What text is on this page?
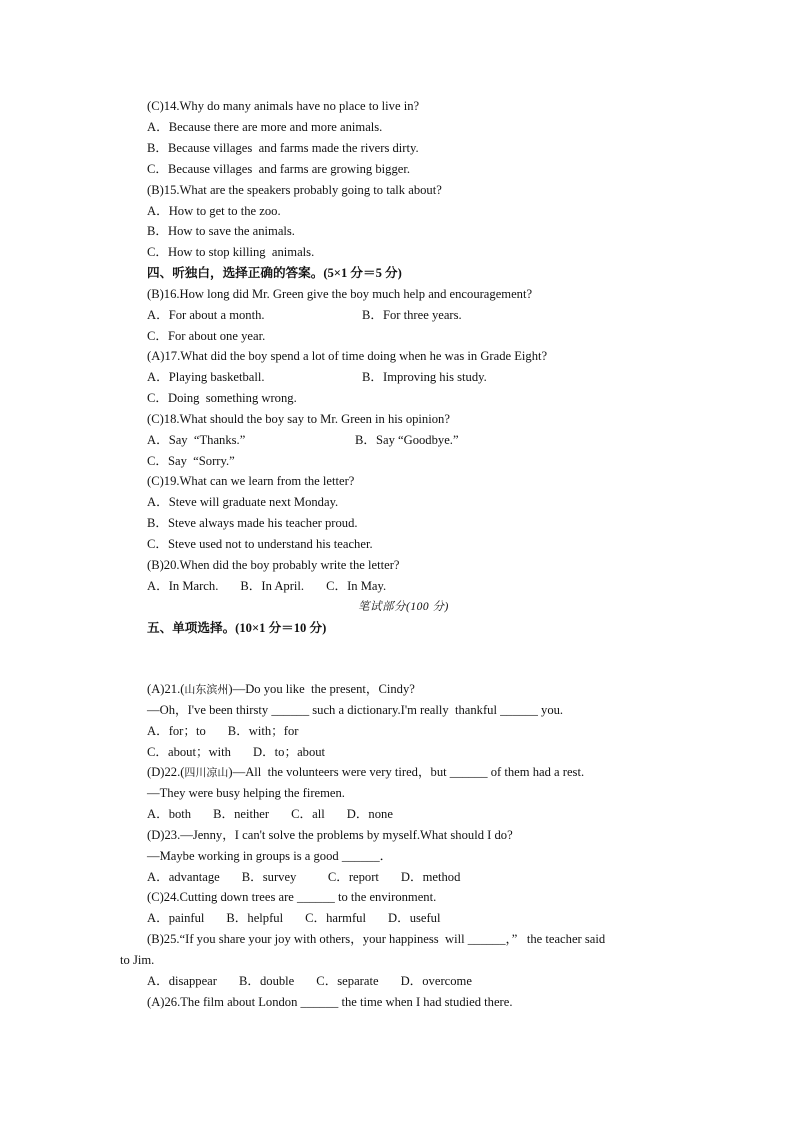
(C)14.Why do many animals have no place to live in?
A．Because there are more and more animals.
B．Because villages  and farms made the rivers dirty.
C．Because villages  and farms are growing bigger.
(B)15.What are the speakers probably going to talk about?
A．How to get to the zoo.
B．How to save the animals.
C．How to stop killing  animals.
四、听独白，选择正确的答案。(5×1 分＝5 分)
(B)16.How long did Mr. Green give the boy much help and encouragement?
A．For about a month.	B．For three years.
C．For about one year.
(A)17.What did the boy spend a lot of time doing when he was in Grade Eight?
A．Playing basketball.	B．Improving his study.
C．Doing  something wrong.
(C)18.What should the boy say to Mr. Green in his opinion?
A．Say  “Thanks.”	B．Say “Goodbye.”
C．Say  “Sorry.”
(C)19.What can we learn from the letter?
A．Steve will graduate next Monday.
B．Steve always made his teacher proud.
C．Steve used not to understand his teacher.
(B)20.When did the boy probably write the letter?
A．In March.       B．In April.       C．In May.
笔试部分(100 分)
五、单项选择。(10×1 分＝10 分)
(A)21.(山东滨州)—Do you like  the present，Cindy?
—Oh，I've been thirsty ______ such a dictionary.I'm really  thankful ______ you.
A．for；to       B．with；for
C．about；with       D．to；about
(D)22.(四川凉山)—All  the volunteers were very tired，but ______ of them had a rest.
—They were busy helping the firemen.
A．both       B．neither       C．all       D．none
(D)23.—Jenny，I can't solve the problems by myself.What should I do?
—Maybe working in groups is a good ______．
A．advantage       B．survey          C．report       D．method
(C)24.Cutting down trees are ______ to the environment.
A．painful       B．helpful       C．harmful       D．useful
(B)25.“If you share your joy with others，your happiness  will ______，”   the teacher said
to Jim.
A．disappear       B．double       C．separate       D．overcome
(A)26.The film about London ______ the time when I had studied there.
